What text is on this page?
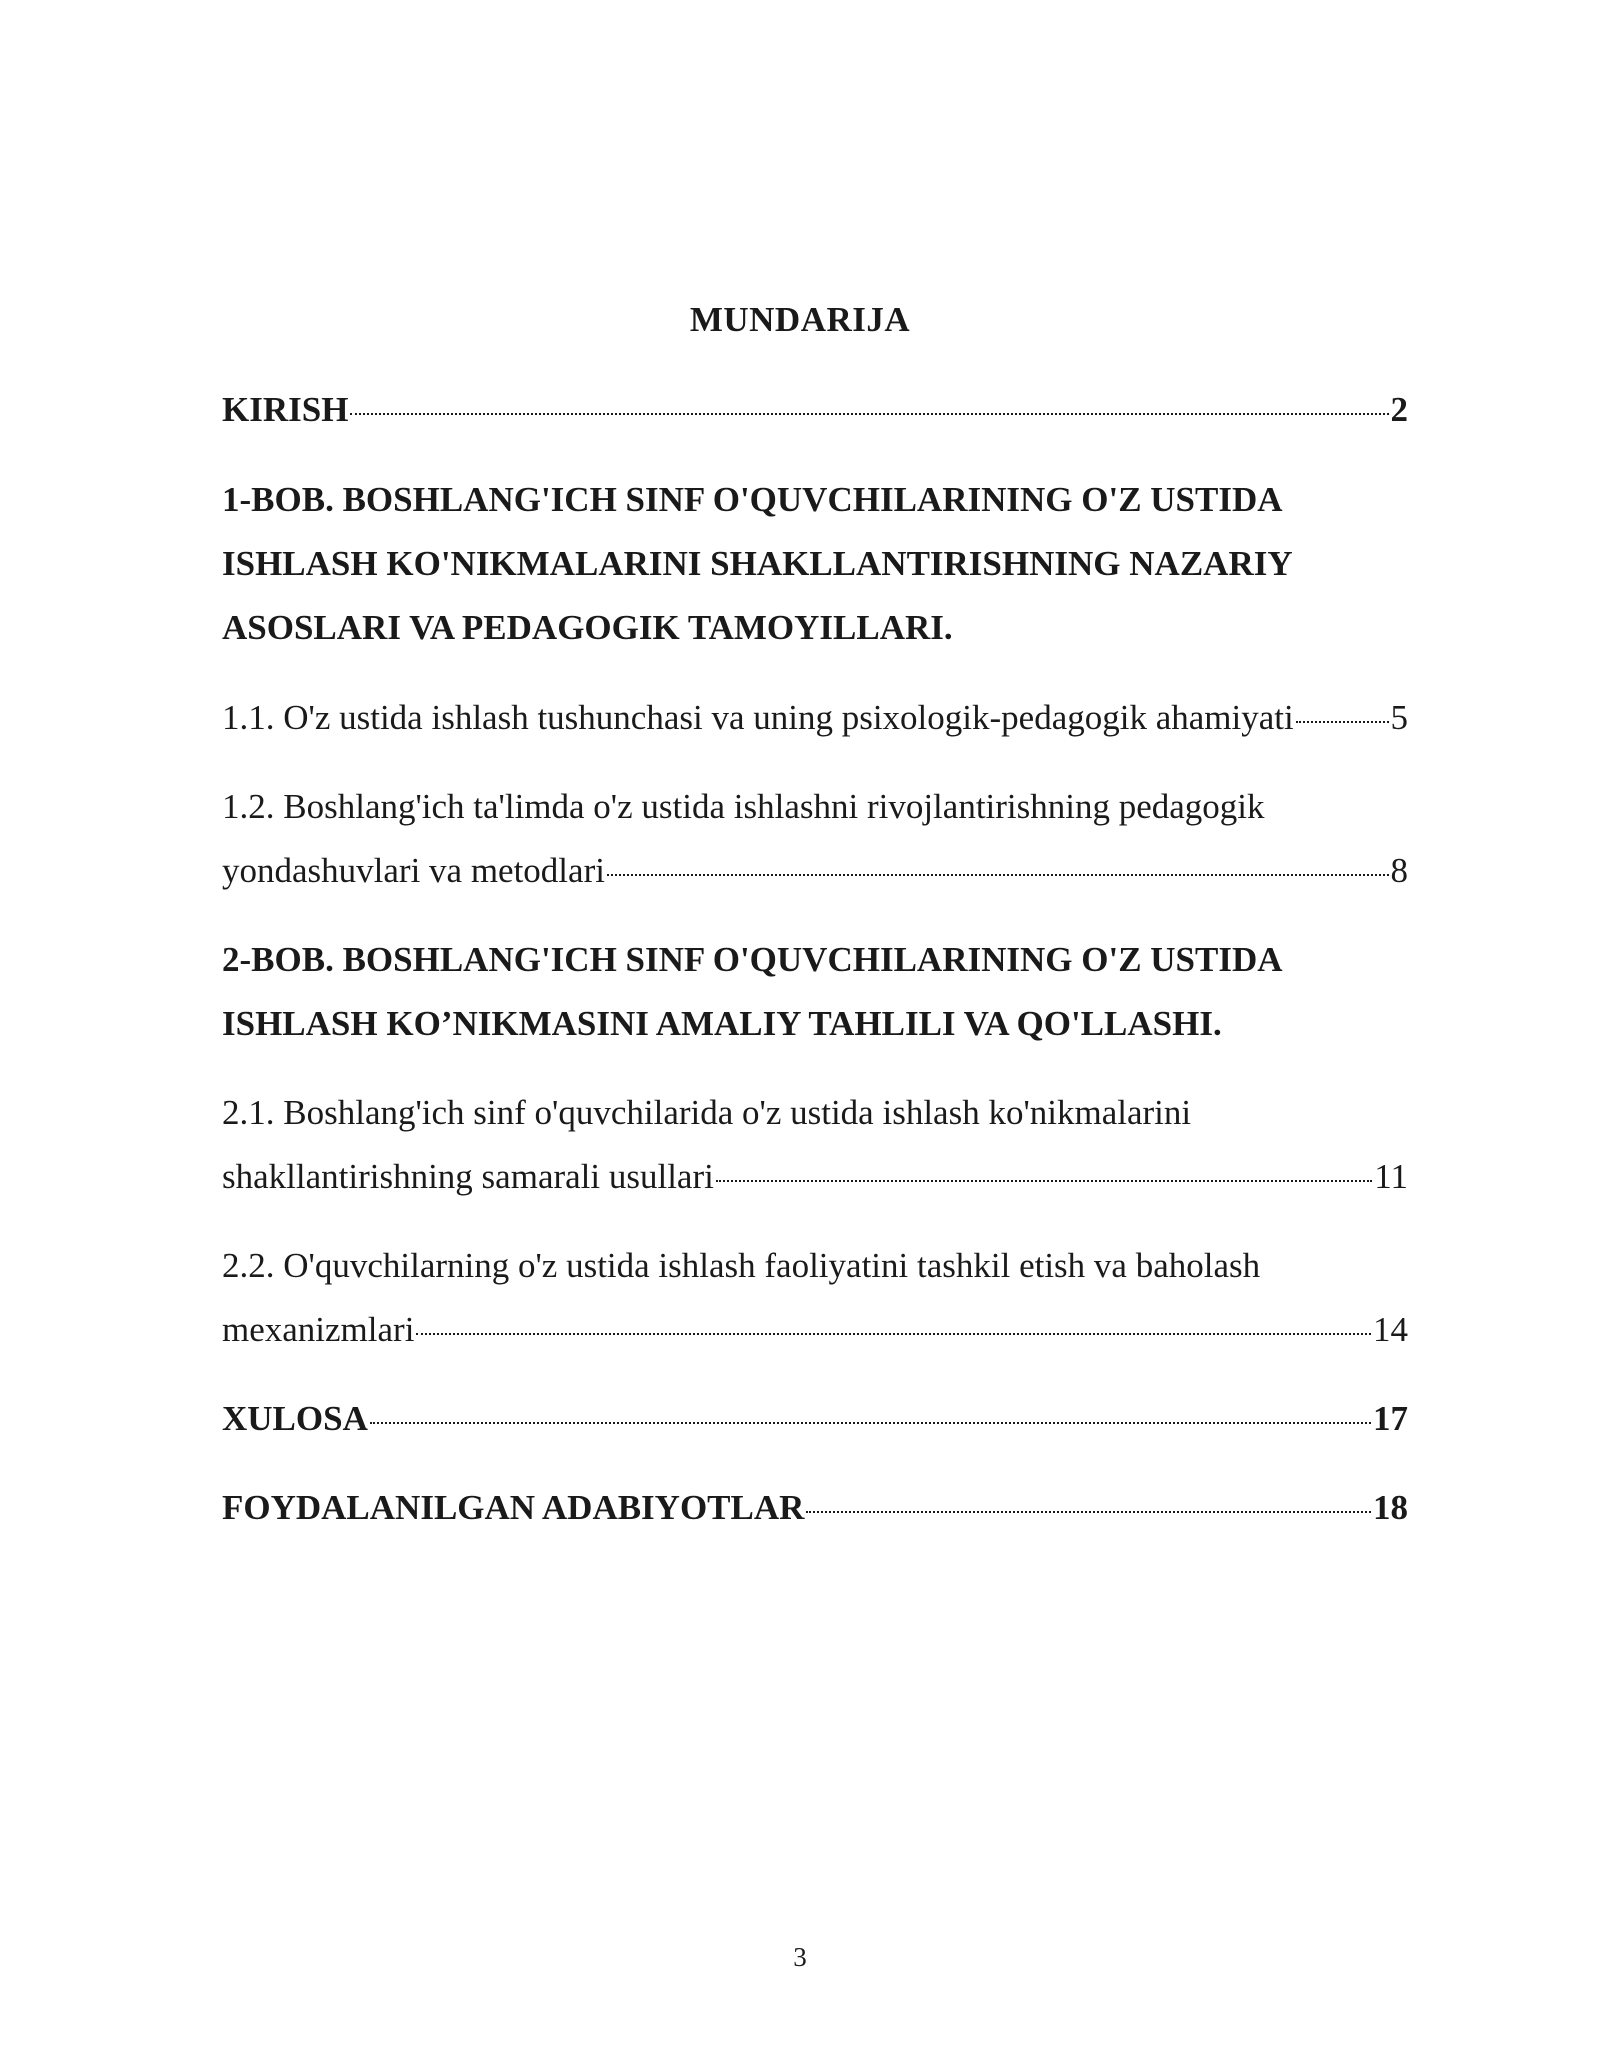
MUNDARIJA
KIRISH	2
1-BOB. BOSHLANG'ICH SINF O'QUVCHILARINING O'Z USTIDA
ISHLASH KO'NIKMALARINI SHAKLLANTIRISHNING NAZARIY
ASOSLARI VA PEDAGOGIK TAMOYILLARI.
1.1. O'z ustida ishlash tushunchasi va uning psixologik-pedagogik ahamiyati	5
1.2. Boshlang'ich ta'limda o'z ustida ishlashni rivojlantirishning pedagogik
yondashuvlari va metodlari	8
2-BOB. BOSHLANG'ICH SINF O'QUVCHILARINING O'Z USTIDA
ISHLASH KO’NIKMASINI AMALIY TAHLILI VA QO'LLASHI.
2.1. Boshlang'ich sinf o'quvchilarida o'z ustida ishlash ko'nikmalarini
shakllantirishning samarali usullari	11
2.2. O'quvchilarning o'z ustida ishlash faoliyatini tashkil etish va baholash
mexanizmlari	14
XULOSA	17
FOYDALANILGAN ADABIYOTLAR	18
3
